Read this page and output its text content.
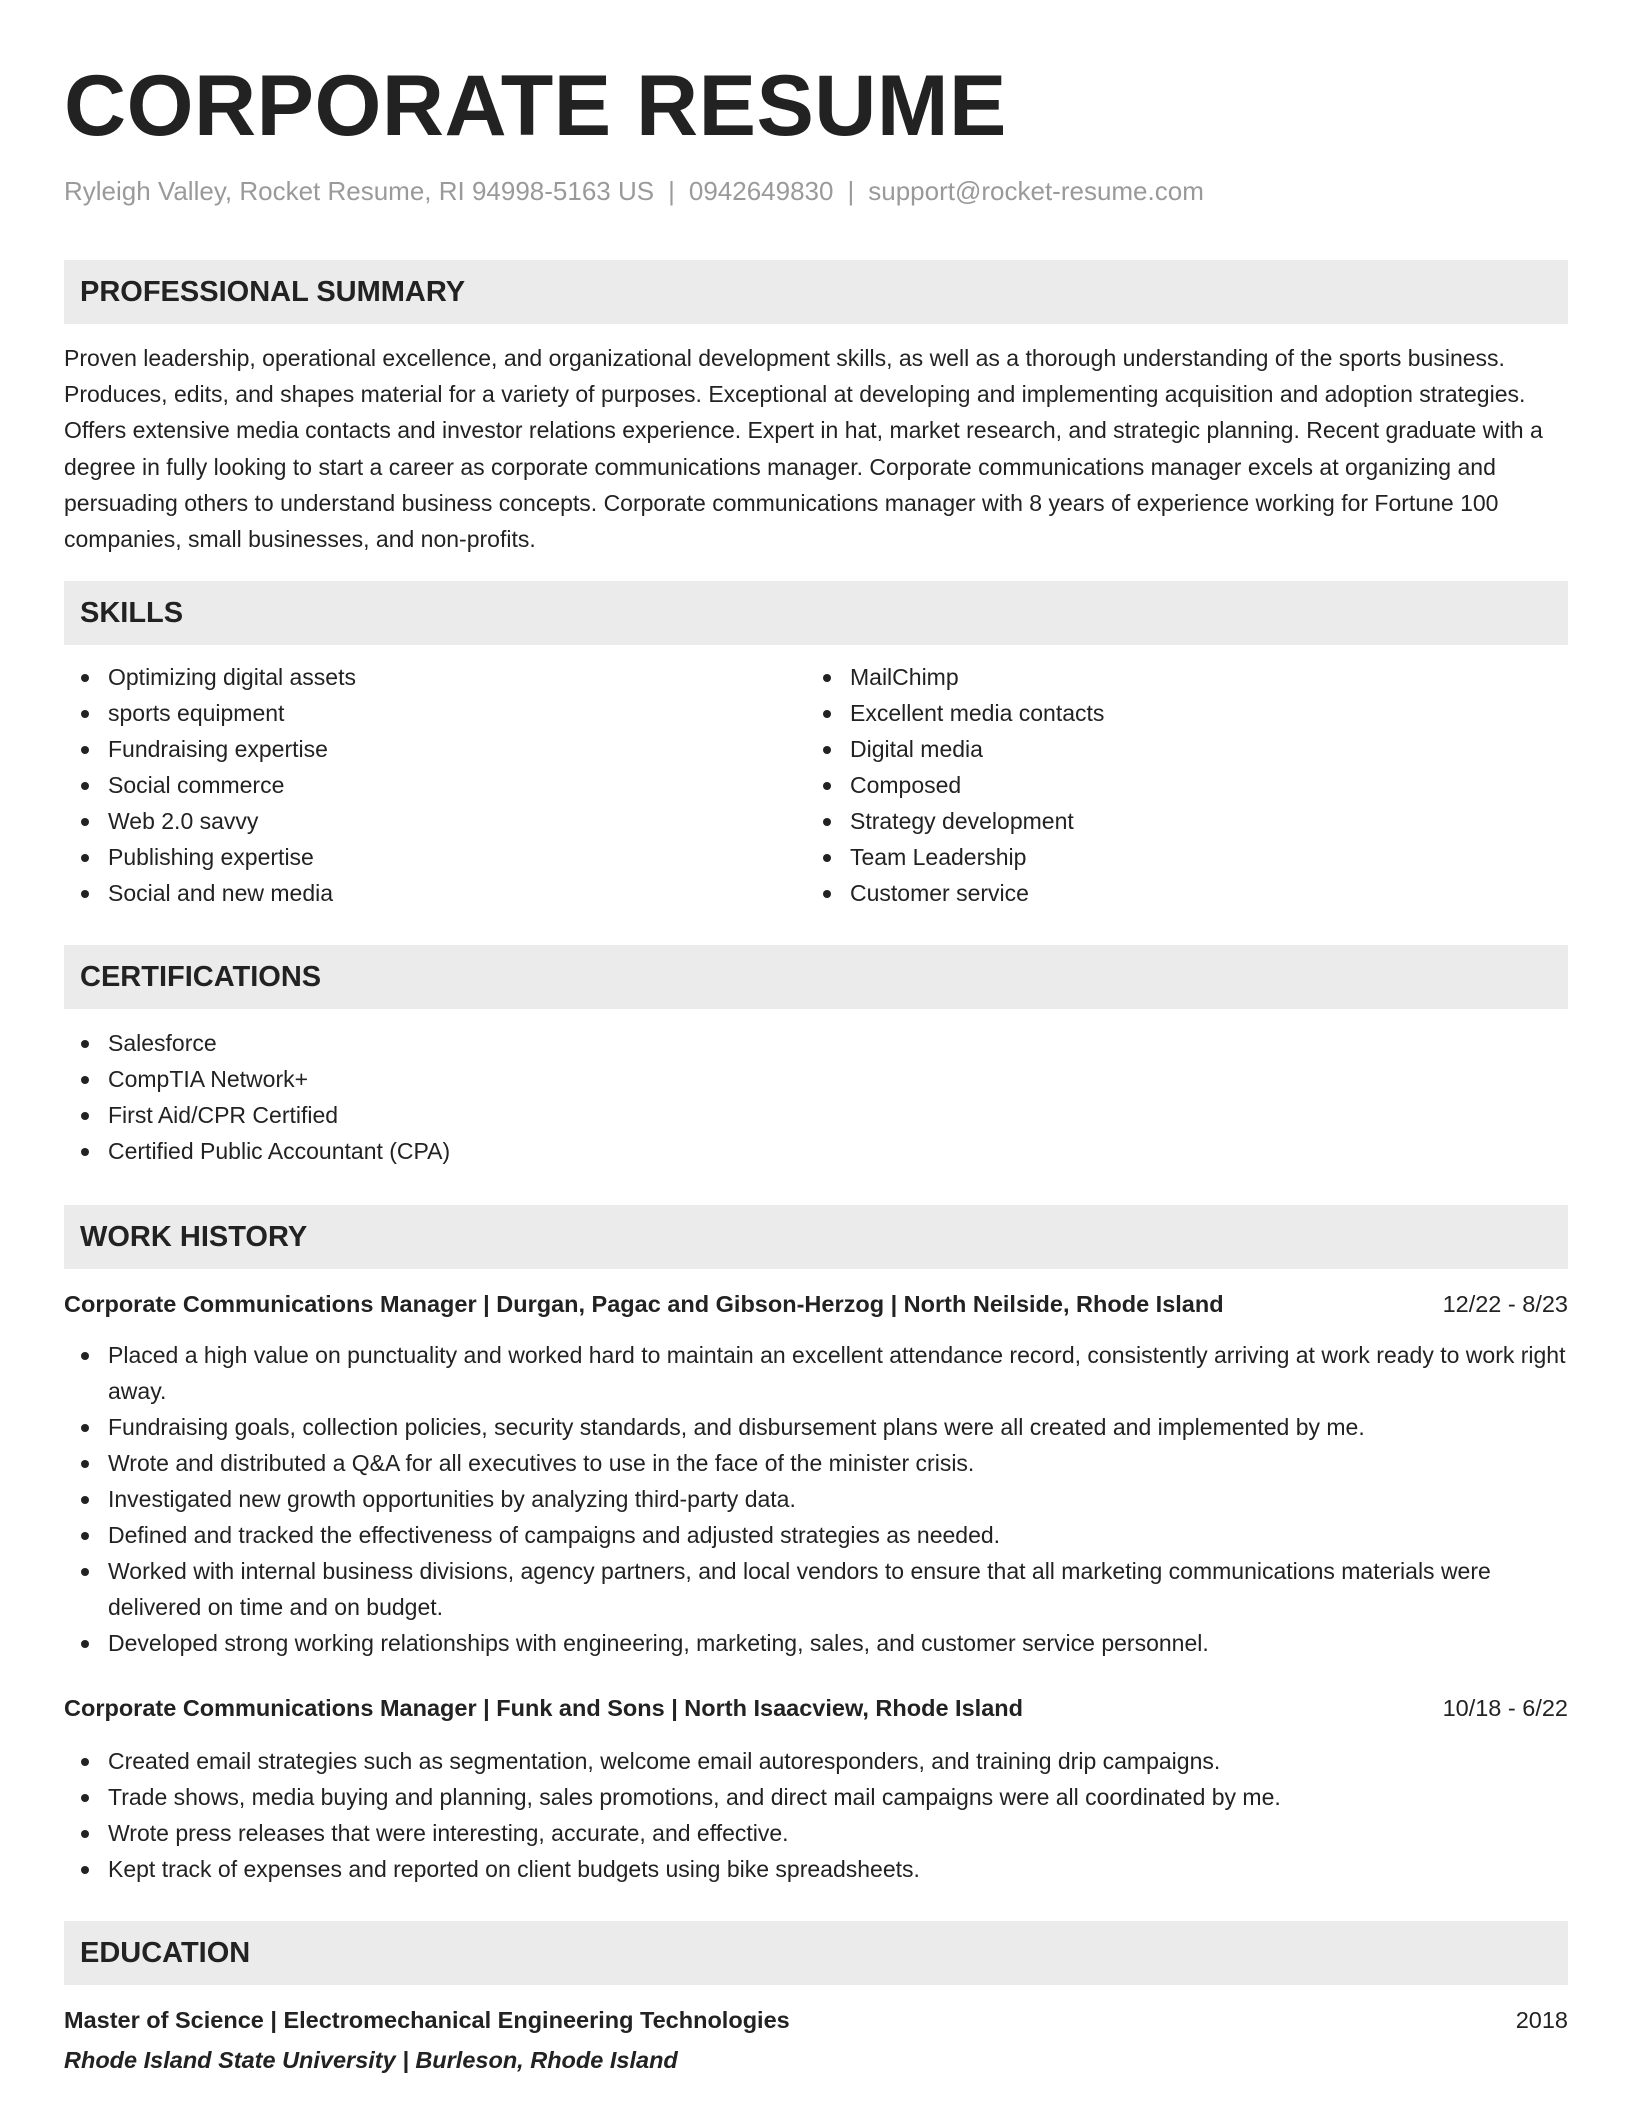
CORPORATE RESUME
Ryleigh Valley, Rocket Resume, RI 94998-5163 US | 0942649830 | support@rocket-resume.com
PROFESSIONAL SUMMARY
Proven leadership, operational excellence, and organizational development skills, as well as a thorough understanding of the sports business. Produces, edits, and shapes material for a variety of purposes. Exceptional at developing and implementing acquisition and adoption strategies. Offers extensive media contacts and investor relations experience. Expert in hat, market research, and strategic planning. Recent graduate with a degree in fully looking to start a career as corporate communications manager. Corporate communications manager excels at organizing and persuading others to understand business concepts. Corporate communications manager with 8 years of experience working for Fortune 100 companies, small businesses, and non-profits.
SKILLS
Optimizing digital assets
sports equipment
Fundraising expertise
Social commerce
Web 2.0 savvy
Publishing expertise
Social and new media
MailChimp
Excellent media contacts
Digital media
Composed
Strategy development
Team Leadership
Customer service
CERTIFICATIONS
Salesforce
CompTIA Network+
First Aid/CPR Certified
Certified Public Accountant (CPA)
WORK HISTORY
Corporate Communications Manager | Durgan, Pagac and Gibson-Herzog | North Neilside, Rhode Island	12/22 - 8/23
Placed a high value on punctuality and worked hard to maintain an excellent attendance record, consistently arriving at work ready to work right away.
Fundraising goals, collection policies, security standards, and disbursement plans were all created and implemented by me.
Wrote and distributed a Q&A for all executives to use in the face of the minister crisis.
Investigated new growth opportunities by analyzing third-party data.
Defined and tracked the effectiveness of campaigns and adjusted strategies as needed.
Worked with internal business divisions, agency partners, and local vendors to ensure that all marketing communications materials were delivered on time and on budget.
Developed strong working relationships with engineering, marketing, sales, and customer service personnel.
Corporate Communications Manager | Funk and Sons | North Isaacview, Rhode Island	10/18 - 6/22
Created email strategies such as segmentation, welcome email autoresponders, and training drip campaigns.
Trade shows, media buying and planning, sales promotions, and direct mail campaigns were all coordinated by me.
Wrote press releases that were interesting, accurate, and effective.
Kept track of expenses and reported on client budgets using bike spreadsheets.
EDUCATION
Master of Science | Electromechanical Engineering Technologies	2018
Rhode Island State University | Burleson, Rhode Island
